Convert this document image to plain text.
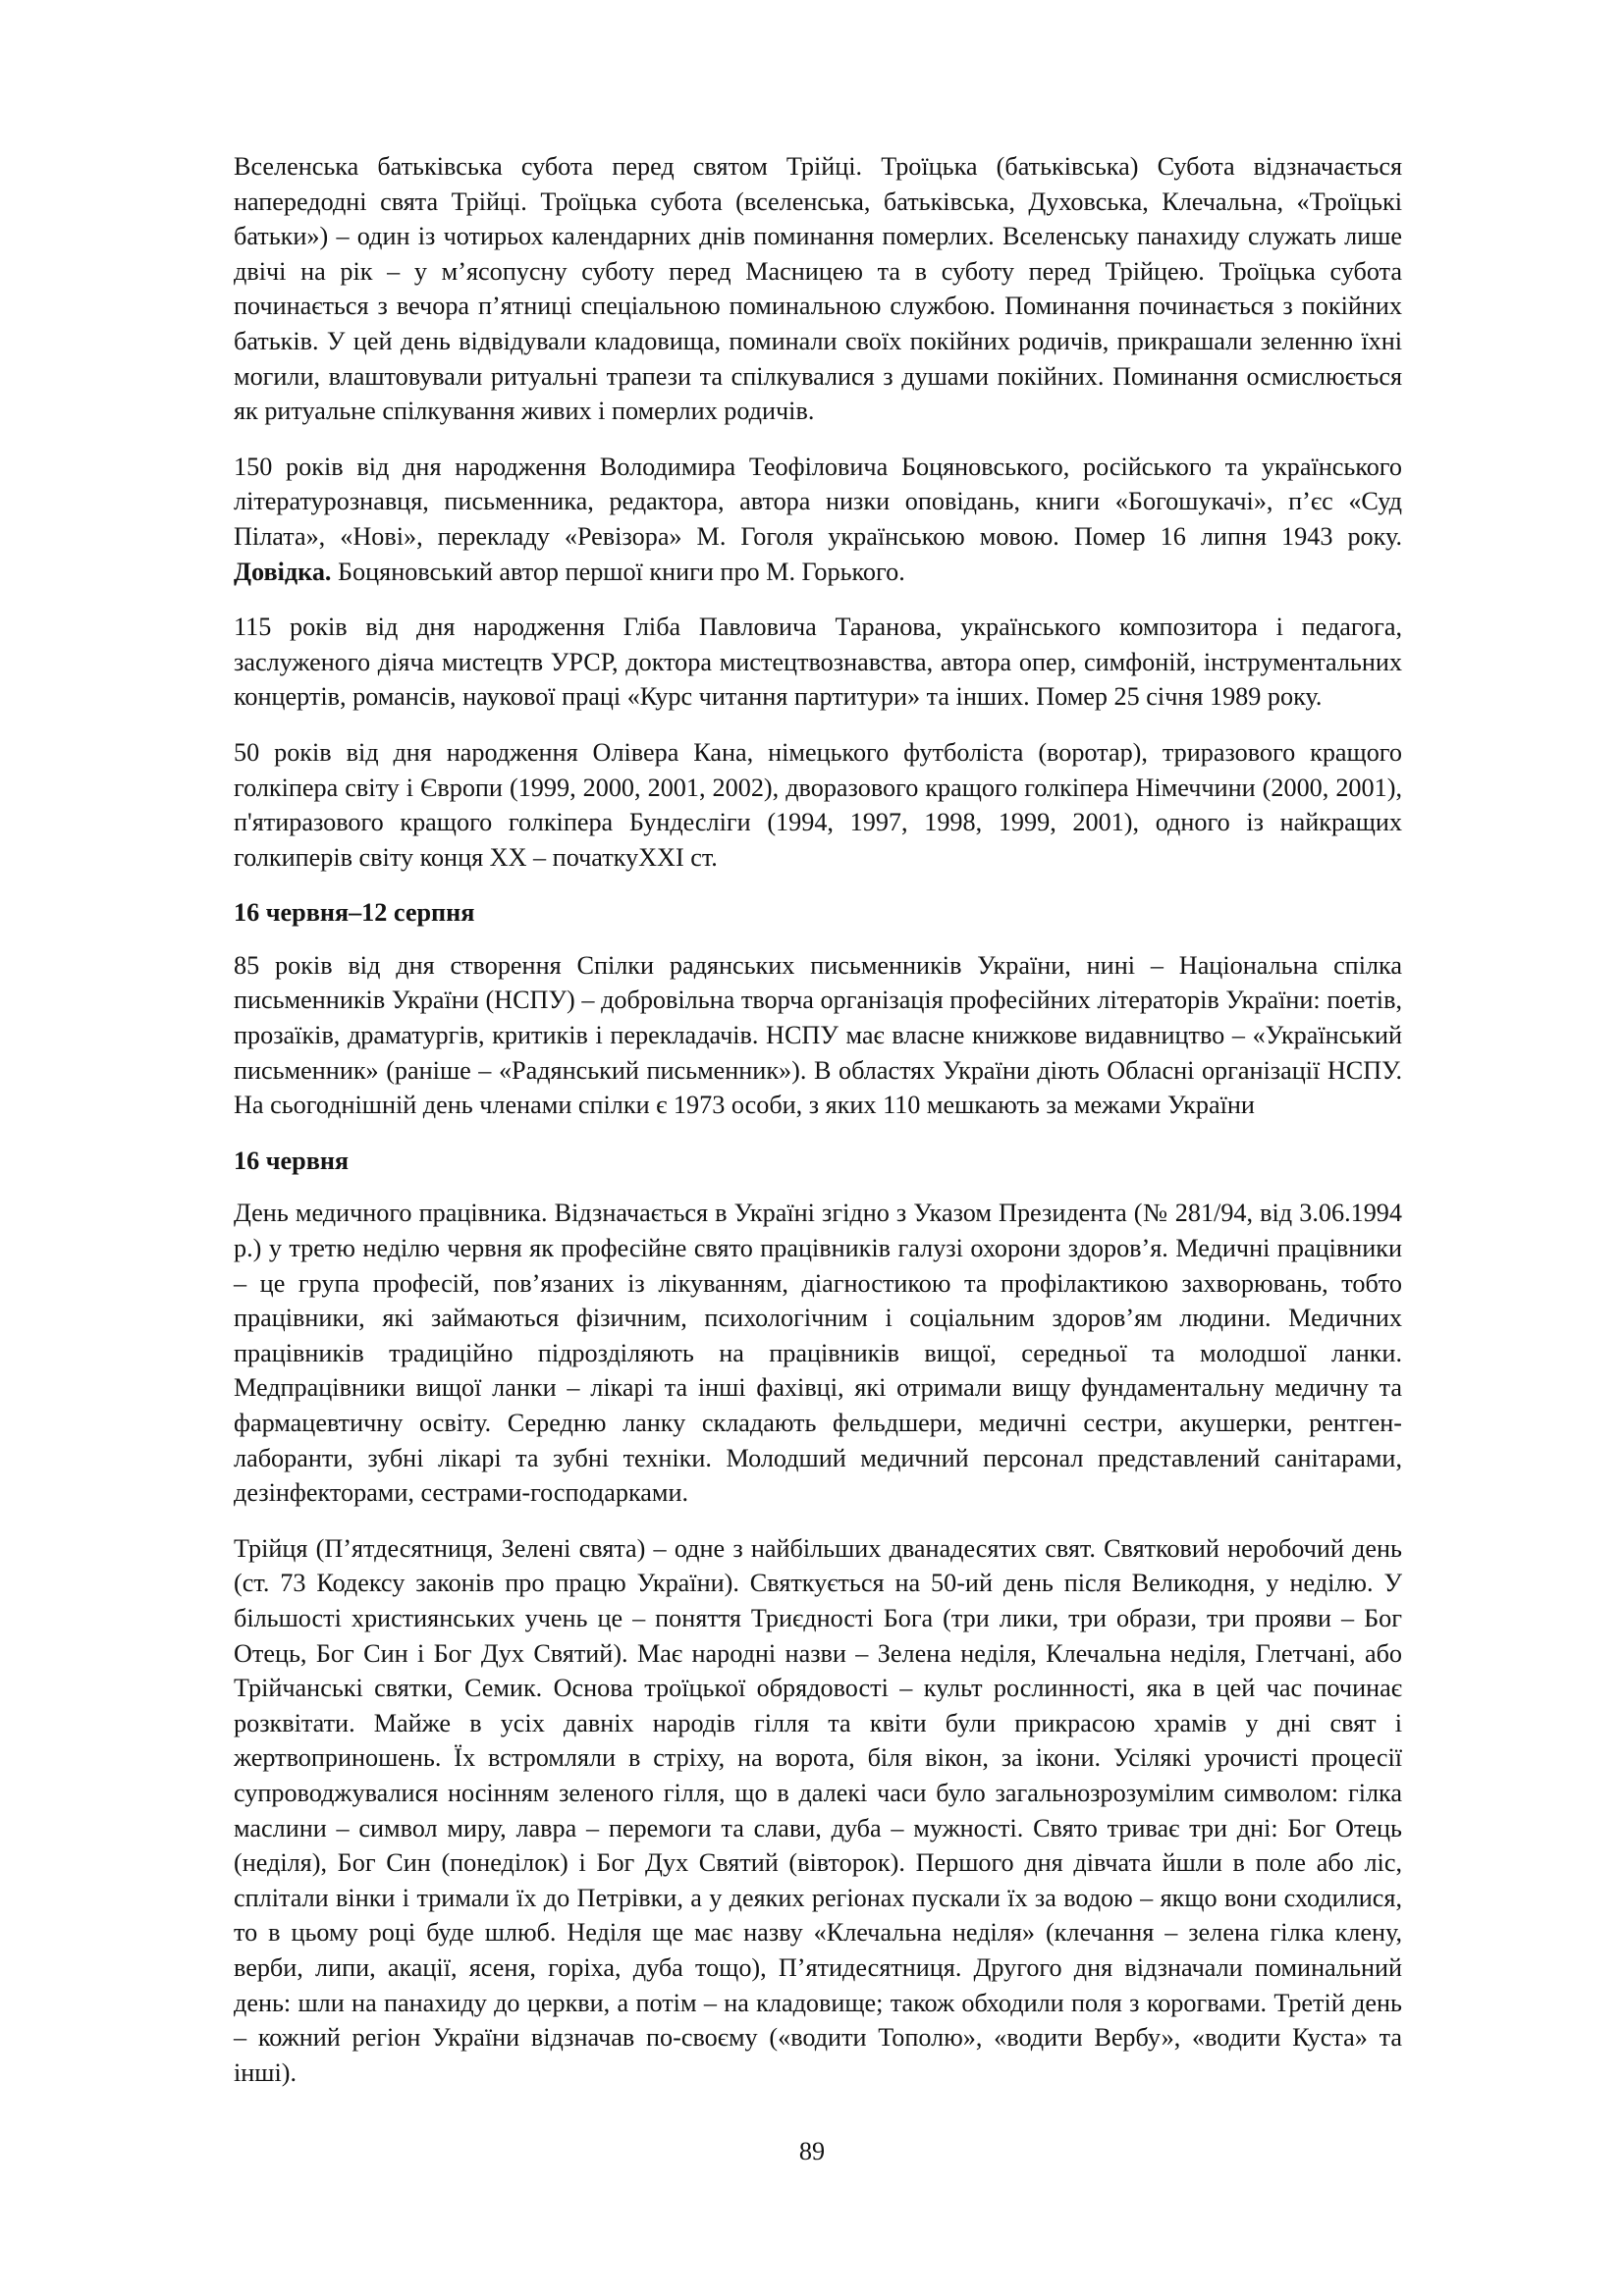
Вселенська батьківська субота перед святом Трійці. Троїцька (батьківська) Субота відзначається напередодні свята Трійці. Троїцька субота (вселенська, батьківська, Духовська, Клечальна, «Троїцькі батьки») – один із чотирьох календарних днів поминання померлих. Вселенську панахиду служать лише двічі на рік – у м’ясопусну суботу перед Масницею та в суботу перед Трійцею. Троїцька субота починається з вечора п’ятниці спеціальною поминальною службою. Поминання починається з покійних батьків. У цей день відвідували кладовища, поминали своїх покійних родичів, прикрашали зеленню їхні могили, влаштовували ритуальні трапези та спілкувалися з душами покійних. Поминання осмислюється як ритуальне спілкування живих і померлих родичів.

150 років від дня народження Володимира Теофіловича Боцяновського, російського та українського літературознавця, письменника, редактора, автора низки оповідань, книги «Богошукачі», п’єс «Суд Пілата», «Нові», перекладу «Ревізора» М. Гоголя українською мовою. Помер 16 липня 1943 року. Довідка. Боцяновський автор першої книги про М. Горького.

115 років від дня народження Гліба Павловича Таранова, українського композитора і педагога, заслуженого діяча мистецтв УРСР, доктора мистецтвознавства, автора опер, симфоній, інструментальних концертів, романсів, наукової праці «Курс читання партитури» та інших. Помер 25 січня 1989 року.

50 років від дня народження Олівера Кана, німецького футболіста (воротар), триразового кращого голкіпера світу і Європи (1999, 2000, 2001, 2002), дворазового кращого голкіпера Німеччини (2000, 2001), п'ятиразового кращого голкіпера Бундесліги (1994, 1997, 1998, 1999, 2001), одного із найкращих голкиперів світу конця ХХ – початкуХХІ ст.

16 червня–12 серпня

85 років від дня створення Спілки радянських письменників України, нині – Національна спілка письменників України (НСПУ) – добровільна творча організація професійних літераторів України: поетів, прозаїків, драматургів, критиків і перекладачів. НСПУ має власне книжкове видавництво – «Український письменник» (раніше – «Радянський письменник»). В областях України діють Обласні організації НСПУ. На сьогоднішній день членами спілки є 1973 особи, з яких 110 мешкають за межами України

16 червня

День медичного працівника. Відзначається в Україні згідно з Указом Президента (№ 281/94, від 3.06.1994 р.) у третю неділю червня як професійне свято працівників галузі охорони здоров’я. Медичні працівники – це група професій, пов’язаних із лікуванням, діагностикою та профілактикою захворювань, тобто працівники, які займаються фізичним, психологічним і соціальним здоров’ям людини. Медичних працівників традиційно підрозділяють на працівників вищої, середньої та молодшої ланки. Медпрацівники вищої ланки – лікарі та інші фахівці, які отримали вищу фундаментальну медичну та фармацевтичну освіту. Середню ланку складають фельдшери, медичні сестри, акушерки, рентген-лаборанти, зубні лікарі та зубні техніки. Молодший медичний персонал представлений санітарами, дезінфекторами, сестрами-господарками.

Трійця (П’ятдесятниця, Зелені свята) – одне з найбільших дванадесятих свят. Святковий неробочий день (ст. 73 Кодексу законів про працю України). Святкується на 50-ий день після Великодня, у неділю. У більшості християнських учень це – поняття Триєдності Бога (три лики, три образи, три прояви – Бог Отець, Бог Син і Бог Дух Святий). Має народні назви – Зелена неділя, Клечальна неділя, Глетчані, або Трійчанські святки, Семик. Основа троїцької обрядовості – культ рослинності, яка в цей час починає розквітати. Майже в усіх давніх народів гілля та квіти були прикрасою храмів у дні свят і жертвоприношень. Їх встромляли в стріху, на ворота, біля вікон, за ікони. Усілякі урочисті процесії супроводжувалися носінням зеленого гілля, що в далекі часи було загальнозрозумілим символом: гілка маслини – символ миру, лавра – перемоги та слави, дуба – мужності. Свято триває три дні: Бог Отець (неділя), Бог Син (понеділок) і Бог Дух Святий (вівторок). Першого дня дівчата йшли в поле або ліс, сплітали вінки і тримали їх до Петрівки, а у деяких регіонах пускали їх за водою – якщо вони сходилися, то в цьому році буде шлюб. Неділя ще має назву «Клечальна неділя» (клечання – зелена гілка клену, верби, липи, акації, ясеня, горіха, дуба тощо), П’ятидесятниця. Другого дня відзначали поминальний день: шли на панахиду до церкви, а потім – на кладовище; також обходили поля з корогвами. Третій день – кожний регіон України відзначав по-своєму («водити Тополю», «водити Вербу», «водити Куста» та інші).

89
